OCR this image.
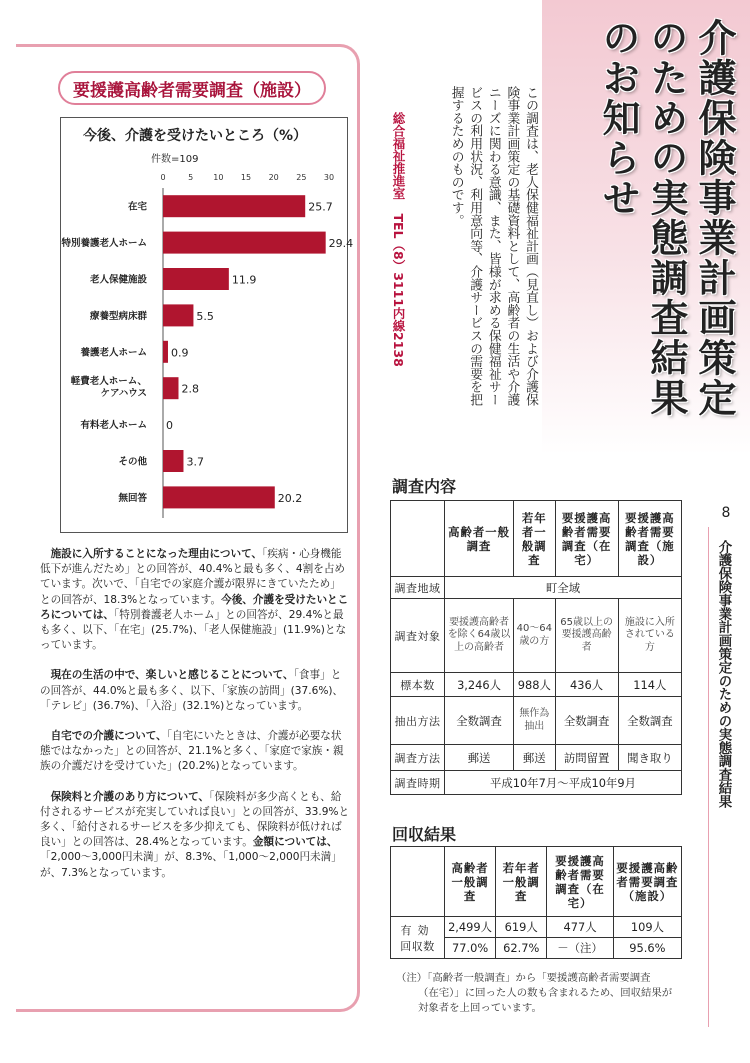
要援護高齢者需要調査（施設）
今後、介護を受けたいところ（%）
件数=109
0	5	10 15 20 25 30
在宅	25.7
特別養護老人ホーム	29.4
老人保健施設	11.9
療養型病床群	5.5
養護老人ホーム 0.9
軽費老人ホーム、
ケアハウス	2.8
有料老人ホーム 0
その他	3.7
無回答	20.2

施設に入所することになった理由について、「疾病・心身機能低下が進んだため」との回答が、40.4%と最も多く、4割を占めています。次いで、「自宅での家庭介護が限界にきていたため」との回答が、18.3%となっています。今後、介護を受けたいところについては、「特別養護老人ホーム」との回答が、29.4%と最も多く、以下、「在宅」(25.7%)、「老人保健施設」(11.9%)となっています。

現在の生活の中で、楽しいと感じることについて、「食事」との回答が、44.0%と最も多く、以下、「家族の訪問」(37.6%)、「テレビ」(36.7%)、「入浴」(32.1%)となっています。

自宅での介護について、「自宅にいたときは、介護が必要な状態ではなかった」との回答が、21.1%と多く、「家庭で家族・親族の介護だけを受けていた」(20.2%)となっています。

保険料と介護のあり方について、「保険料が多少高くとも、給付されるサービスが充実していれば良い」との回答が、33.9%と多く、「給付されるサービスを多少抑えても、保険料が低ければ良い」との回答は、28.4%となっています。金額については、「2,000～3,000円未満」が、8.3%、「1,000～2,000円未満」が、7.3%となっています。

介護保険事業計画策定のための実態調査結果のお知らせ
この調査は、老人保健福祉計画（見直し）および介護保険事業計画策定の基礎資料として、高齢者の生活や介護ニーズに関わる意識、また、皆様が求める保健福祉サービスの利用状況、利用意向等、介護サービスの需要を把握するためのものです。
総合福祉推進室TEL（8）3111内線2138
8
介護保険事業計画策定のための実態調査結果
調査内容
	高齢者一般調査	若年者一般調査	要援護高齢者需要調査（在宅）	要援護高齢者需要調査（施設）
調査地域	町全域			
調査対象	要援護高齢者を除く64歳以上の高齢者	40～64歳の方	65歳以上の要援護高齢者	施設に入所されている方
標本数	3,246人	988人	436人	114人
抽出方法	全数調査	無作為抽出	全数調査	全数調査
調査方法	郵送	郵送	訪問留置	聞き取り
調査時期	平成10年7月～平成10年9月			
回収結果
	高齢者一般調査	若年者一般調査	要援護高齢者需要調査（在宅）	要援護高齢者需要調査（施設）

有効
回収数	2,499人	619人	477人	109人
	77.0%	62.7%	－（注）	95.6%
（注）「高齢者一般調査」から「要援護高齢者需要調査
（在宅）」に回った人の数も含まれるため、回収結果が対象者を上回っています。
